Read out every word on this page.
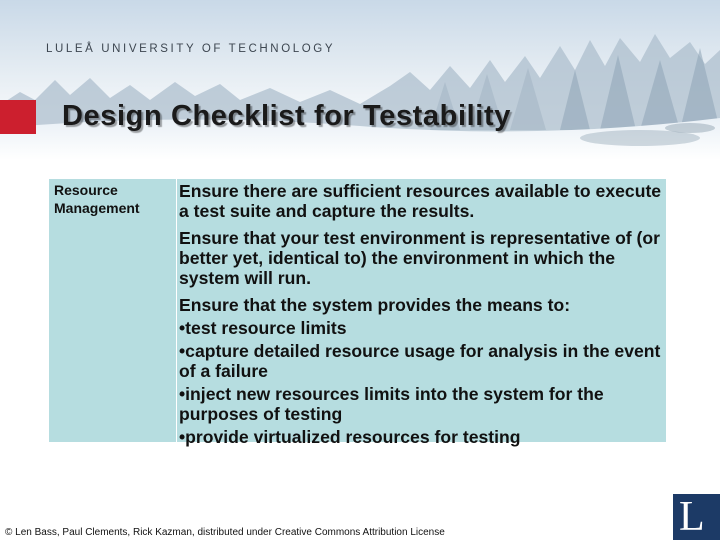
LULEÅ UNIVERSITY OF TECHNOLOGY
Design Checklist for Testability
Resource
Management

Ensure there are sufficient resources available to execute a test suite and capture the results.

Ensure that your test environment is representative of (or better yet, identical to) the environment in which the system will run.

Ensure that the system provides the means to:

•test resource limits

•capture detailed resource usage for analysis in the event of a failure

•inject new resources limits into the system for the purposes of testing

•provide virtualized resources for testing

© Len Bass, Paul Clements, Rick Kazman, distributed under Creative Commons Attribution License	L
